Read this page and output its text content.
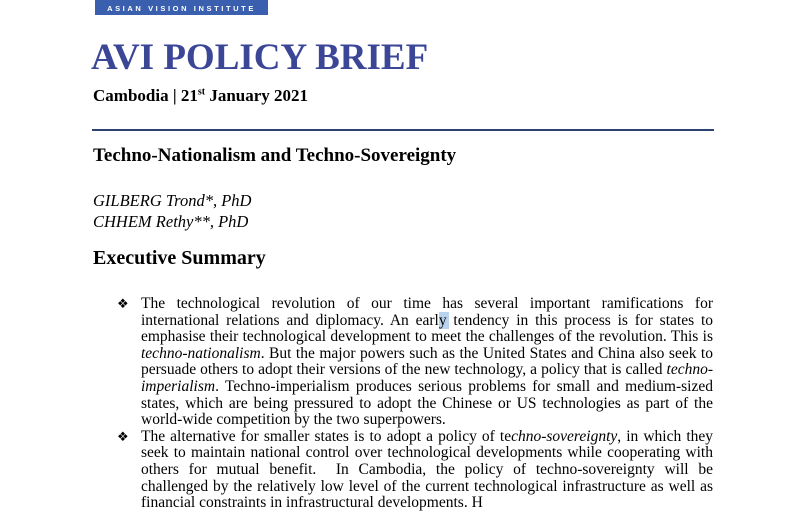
ASIAN VISION INSTITUTE
AVI POLICY BRIEF
Cambodia | 21st January 2021
Techno-Nationalism and Techno-Sovereignty
GILBERG Trond*, PhD
CHHEM Rethy**, PhD
Executive Summary
❖ The technological revolution of our time has several important ramifications for international relations and diplomacy. An early tendency in this process is for states to emphasise their technological development to meet the challenges of the revolution. This is techno-nationalism. But the major powers such as the United States and China also seek to persuade others to adopt their versions of the new technology, a policy that is called techno-imperialism. Techno-imperialism produces serious problems for small and medium-sized states, which are being pressured to adopt the Chinese or US technologies as part of the world-wide competition by the two superpowers.
❖ The alternative for smaller states is to adopt a policy of techno-sovereignty, in which they seek to maintain national control over technological developments while cooperating with others for mutual benefit.  In Cambodia, the policy of techno-sovereignty will be challenged by the relatively low level of the current technological infrastructure as well as financial constraints in infrastructural developments. H
